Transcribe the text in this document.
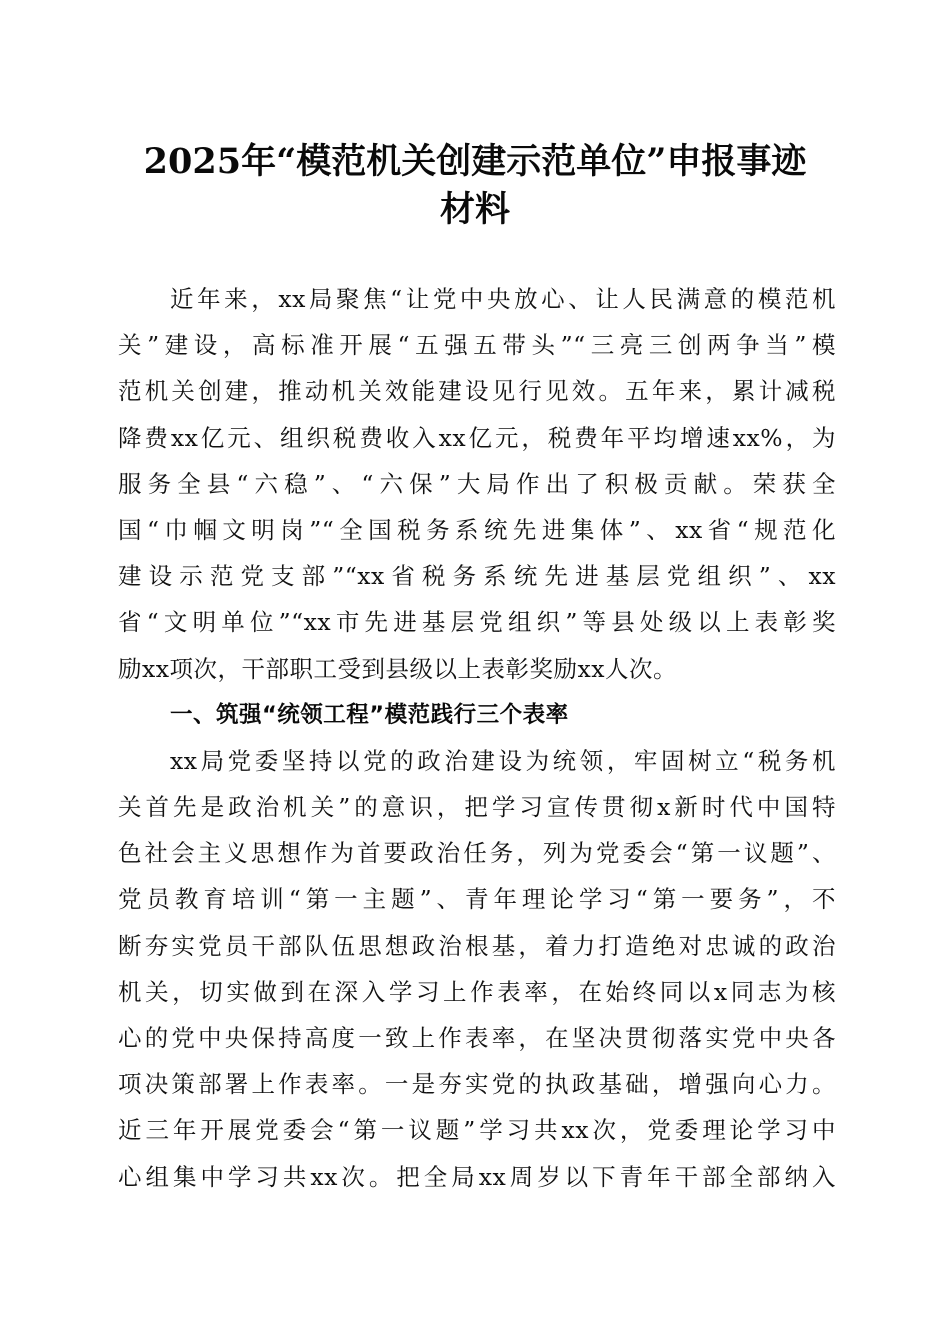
2025年“模范机关创建示范单位”申报事迹
材料
近年来，xx局聚焦“让党中央放心、让人民满意的模范机
关”建设，高标准开展“五强五带头”“三亮三创两争当”模
范机关创建，推动机关效能建设见行见效。五年来，累计减税
降费xx亿元、组织税费收入xx亿元，税费年平均增速xx%，为
服务全县“六稳”、“六保”大局作出了积极贡献。荣获全
国“巾帼文明岗”“全国税务系统先进集体”、xx省“规范化
建设示范党支部”“xx省税务系统先进基层党组织”、xx
省“文明单位”“xx市先进基层党组织”等县处级以上表彰奖
励xx项次，干部职工受到县级以上表彰奖励xx人次。
一、筑强“统领工程”模范践行三个表率
xx局党委坚持以党的政治建设为统领，牢固树立“税务机
关首先是政治机关”的意识，把学习宣传贯彻x新时代中国特
色社会主义思想作为首要政治任务，列为党委会“第一议题”、
党员教育培训“第一主题”、青年理论学习“第一要务”，不
断夯实党员干部队伍思想政治根基，着力打造绝对忠诚的政治
机关，切实做到在深入学习上作表率，在始终同以x同志为核
心的党中央保持高度一致上作表率，在坚决贯彻落实党中央各
项决策部署上作表率。一是夯实党的执政基础，增强向心力。
近三年开展党委会“第一议题”学习共xx次，党委理论学习中
心组集中学习共xx次。把全局xx周岁以下青年干部全部纳入
